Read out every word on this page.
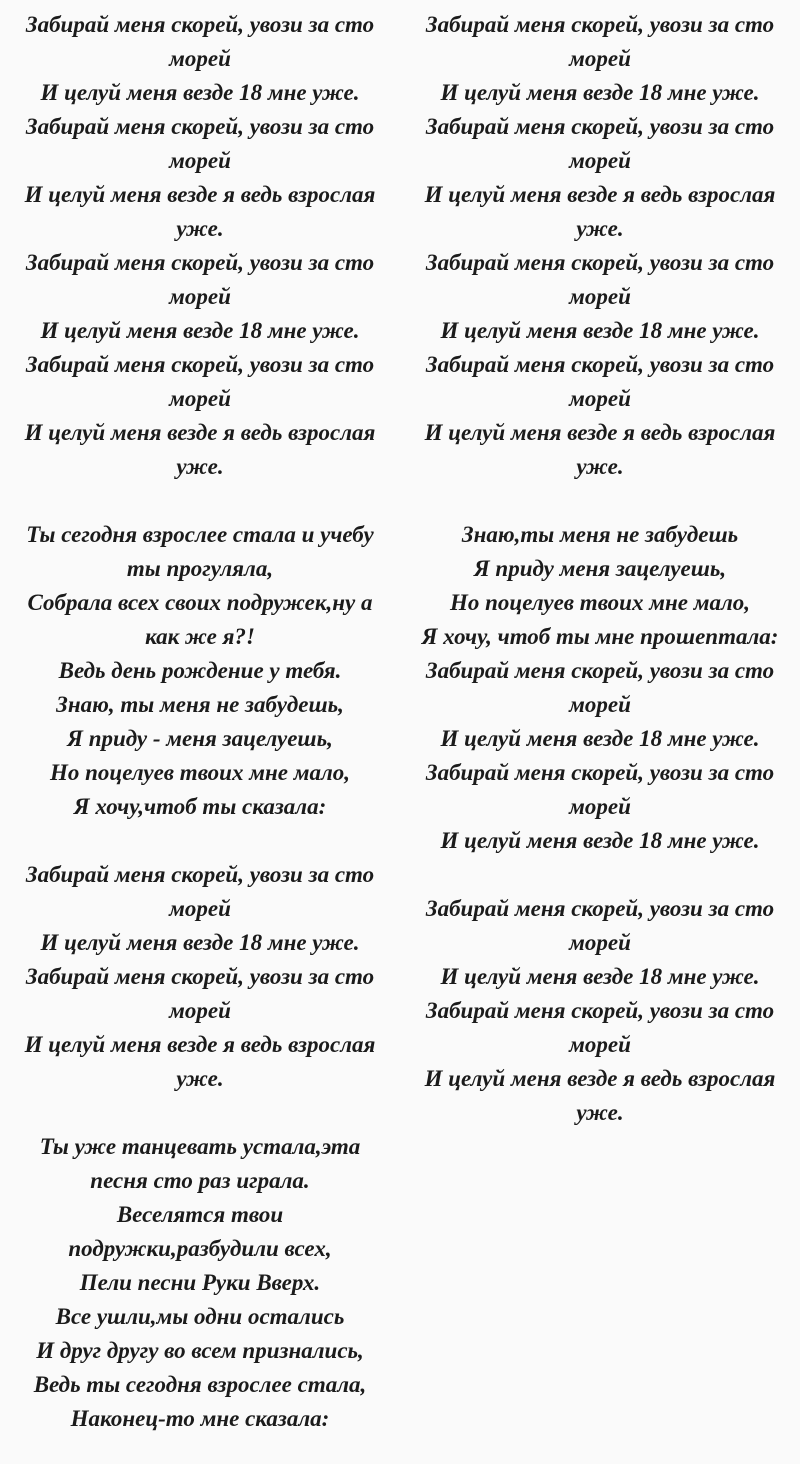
Забирай меня скорей, увози за сто
морей
И целуй меня везде 18 мне уже.
Забирай меня скорей, увози за сто
морей
И целуй меня везде я ведь взрослая
уже.
Забирай меня скорей, увози за сто
морей
И целуй меня везде 18 мне уже.
Забирай меня скорей, увози за сто
морей
И целуй меня везде я ведь взрослая
уже.
Ты сегодня взрослее стала и учебу
ты прогуляла,
Собрала всех своих подружек,ну а
как же я?!
Ведь день рождение у тебя.
Знаю, ты меня не забудешь,
Я приду - меня зацелуешь,
Но поцелуев твоих мне мало,
Я хочу,чтоб ты сказала:
Забирай меня скорей, увози за сто
морей
И целуй меня везде 18 мне уже.
Забирай меня скорей, увози за сто
морей
И целуй меня везде я ведь взрослая
уже.
Ты уже танцевать устала,эта
песня сто раз играла.
Веселятся твои
подружки,разбудили всех,
Пели песни Руки Вверх.
Все ушли,мы одни остались
И друг другу во всем признались,
Ведь ты сегодня взрослее стала,
Наконец-то мне сказала:
Забирай меня скорей, увози за сто
морей
И целуй меня везде 18 мне уже.
Забирай меня скорей, увози за сто
морей
И целуй меня везде я ведь взрослая
уже.
Забирай меня скорей, увози за сто
морей
И целуй меня везде 18 мне уже.
Забирай меня скорей, увози за сто
морей
И целуй меня везде я ведь взрослая
уже.
Знаю,ты меня не забудешь
Я приду меня зацелуешь,
Но поцелуев твоих мне мало,
Я хочу, чтоб ты мне прошептала:
Забирай меня скорей, увози за сто
морей
И целуй меня везде 18 мне уже.
Забирай меня скорей, увози за сто
морей
И целуй меня везде 18 мне уже.
Забирай меня скорей, увози за сто
морей
И целуй меня везде 18 мне уже.
Забирай меня скорей, увози за сто
морей
И целуй меня везде я ведь взрослая
уже.
